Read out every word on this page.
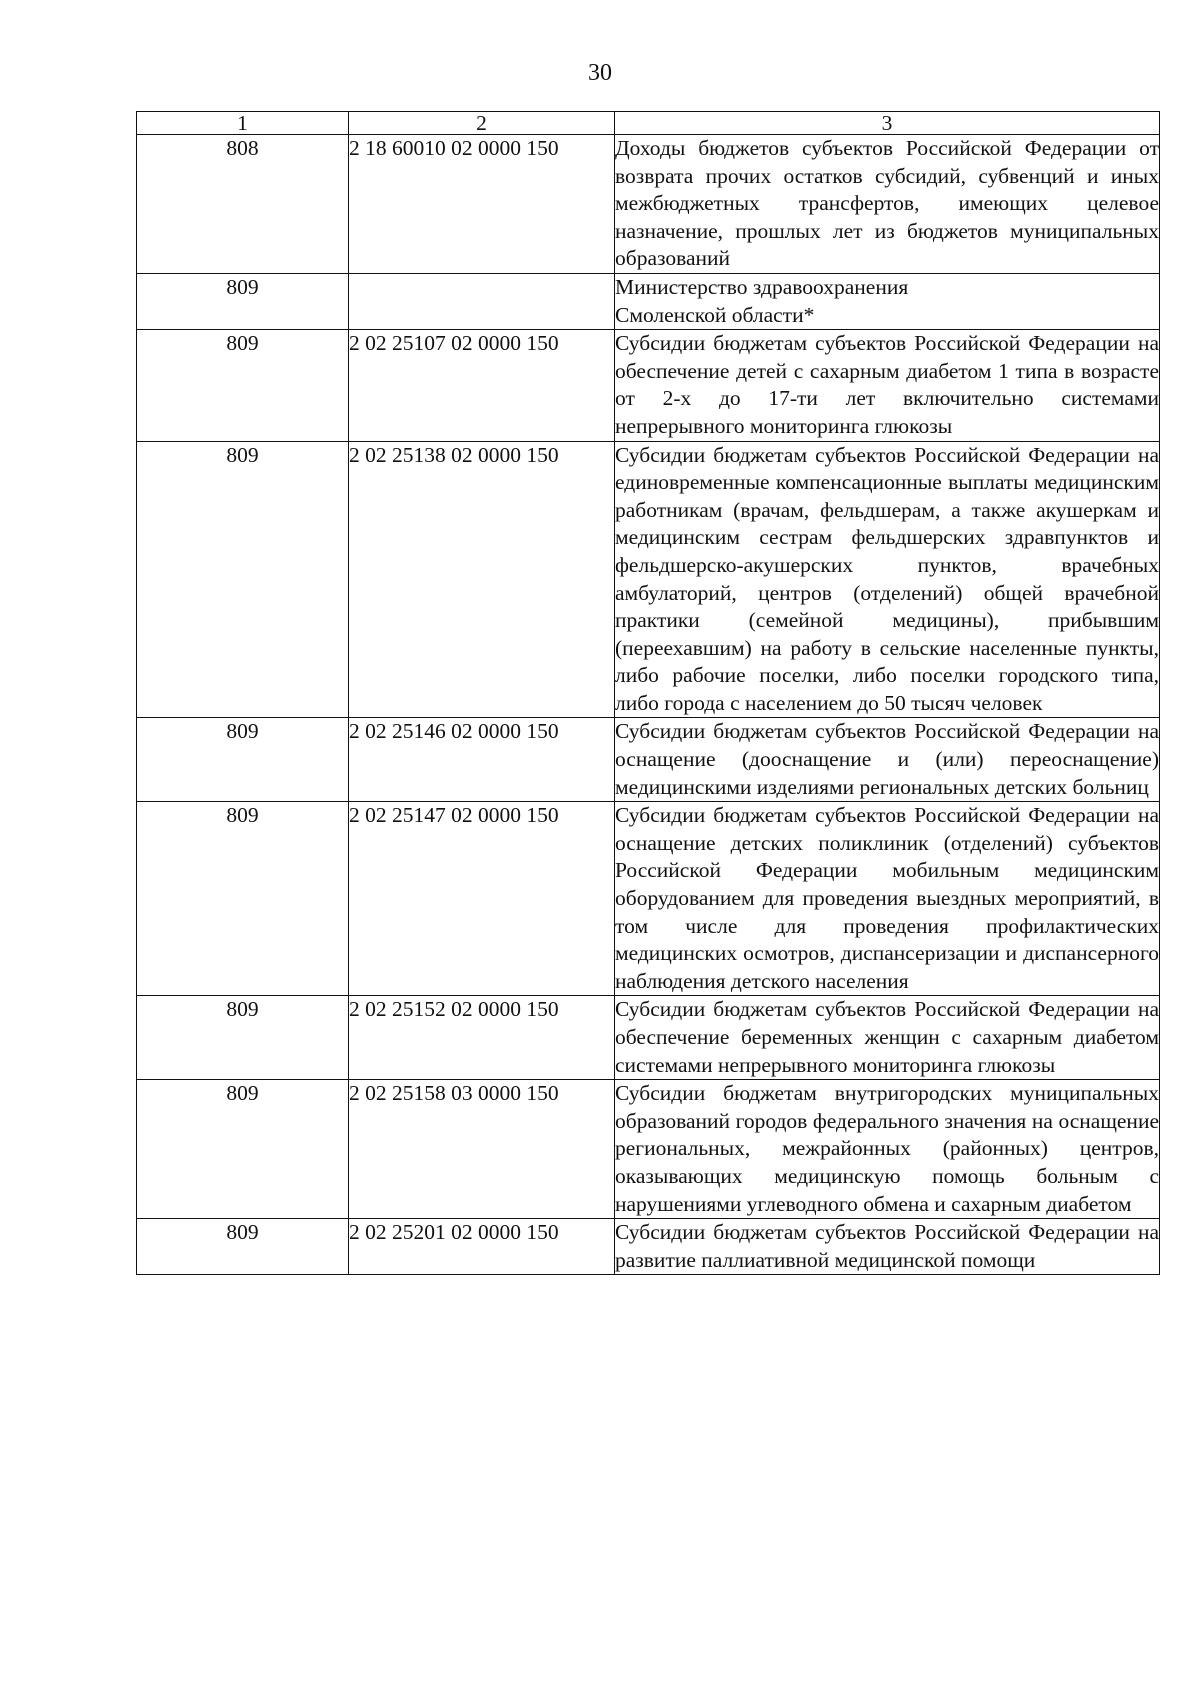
30
1	2	3
808	2 18 60010 02 0000 150	Доходы бюджетов субъектов Российской Федерации от возврата прочих остатков субсидий, субвенций и иных межбюджетных трансфертов, имеющих целевое назначение, прошлых лет из бюджетов муниципальных образований
809		Министерство здравоохранения Смоленской области*
809	2 02 25107 02 0000 150	Субсидии бюджетам субъектов Российской Федерации на обеспечение детей с сахарным диабетом 1 типа в возрасте от 2-х до 17-ти лет включительно системами непрерывного мониторинга глюкозы
809	2 02 25138 02 0000 150	Субсидии бюджетам субъектов Российской Федерации на единовременные компенсационные выплаты медицинским работникам (врачам, фельдшерам, а также акушеркам и медицинским сестрам фельдшерских здравпунктов и фельдшерско-акушерских пунктов, врачебных амбулаторий, центров (отделений) общей врачебной практики (семейной медицины), прибывшим (переехавшим) на работу в сельские населенные пункты, либо рабочие поселки, либо поселки городского типа, либо города с населением до 50 тысяч человек
809	2 02 25146 02 0000 150	Субсидии бюджетам субъектов Российской Федерации на оснащение (дооснащение и (или) переоснащение) медицинскими изделиями региональных детских больниц
809	2 02 25147 02 0000 150	Субсидии бюджетам субъектов Российской Федерации на оснащение детских поликлиник (отделений) субъектов Российской Федерации мобильным медицинским оборудованием для проведения выездных мероприятий, в том числе для проведения профилактических медицинских осмотров, диспансеризации и диспансерного наблюдения детского населения
809	2 02 25152 02 0000 150	Субсидии бюджетам субъектов Российской Федерации на обеспечение беременных женщин с сахарным диабетом системами непрерывного мониторинга глюкозы
809	2 02 25158 03 0000 150	Субсидии бюджетам внутригородских муниципальных образований городов федерального значения на оснащение региональных, межрайонных (районных) центров, оказывающих медицинскую помощь больным с нарушениями углеводного обмена и сахарным диабетом
809	2 02 25201 02 0000 150	Субсидии бюджетам субъектов Российской Федерации на развитие паллиативной медицинской помощи
